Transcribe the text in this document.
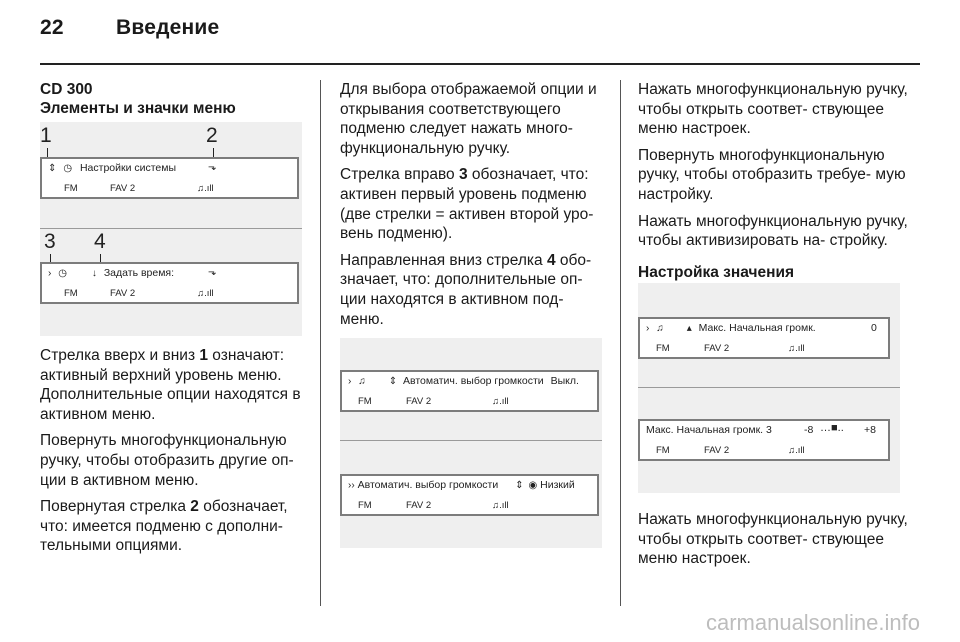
22 Введение
CD 300
Элементы и значки меню
1	2
⇕ ◷ Настройки системы	⬎
FM	FAV 2	♫.ıll
3 4
› ◷ ↓ Задать время:	⬎
FM	FAV 2	♫.ıll

Стрелка вверх и вниз 1 означают: активный верхний уровень меню. Дополнительные опции находятся в активном меню.

Повернуть многофункциональную ручку, чтобы отобразить другие оп- ции в активном меню.

Повернутая стрелка 2 обозначает, что: имеется подменю с дополни- тельными опциями.

Для выбора отображаемой опции и открывания соответствующего подменю следует нажать много- функциональную ручку.

Стрелка вправо 3 обозначает, что: активен первый уровень подменю (две стрелки = активен второй уро- вень подменю).

Направленная вниз стрелка 4 обо- значает, что: дополнительные оп- ции находятся в активном под- меню.

› ♫ ⇕ Автоматич. выбор громкости Выкл.
FM	FAV 2	♫.ıll
›› Автоматич. выбор громкости ⇕ ◉ Низкий
FM	FAV 2	♫.ıll

Нажать многофункциональную ручку, чтобы открыть соответ- ствующее меню настроек.

Повернуть многофункциональную ручку, чтобы отобразить требуе- мую настройку.

Нажать многофункциональную ручку, чтобы активизировать на- стройку.

Настройка значения
› ♫ ▴ Макс. Начальная громк.	0
FM	FAV 2	♫.ıll
Макс. Начальная громк. 3	-8 …■.. +8
FM	FAV 2	♫.ıll

Нажать многофункциональную ручку, чтобы открыть соответ- ствующее меню настроек.

carmanualsonline.info
